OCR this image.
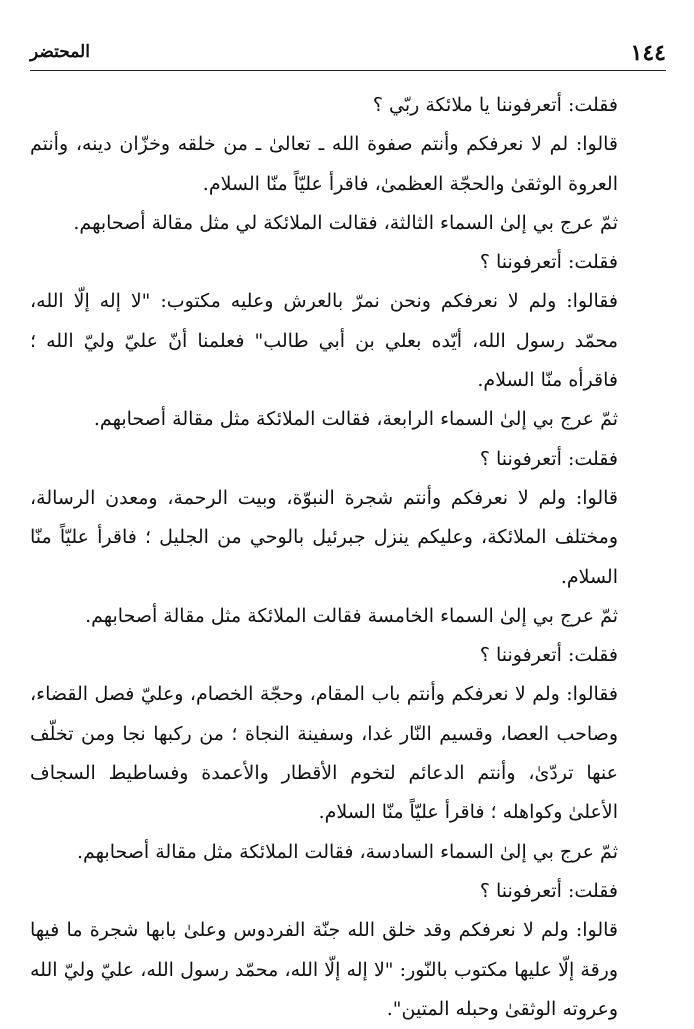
١٤٤
المحتضر

فقلت: أتعرفوننا يا ملائكة ربّي ؟

قالوا: لم لا نعرفكم وأنتم صفوة الله ـ تعالىٰ ـ من خلقه وخزّان دينه، وأنتم العروة الوثقىٰ والحجّة العظمىٰ، فاقرأ عليّاً منّا السلام.

ثمّ عرج بي إلىٰ السماء الثالثة، فقالت الملائكة لي مثل مقالة أصحابهم.

فقلت: أتعرفوننا ؟

فقالوا: ولم لا نعرفكم ونحن نمرّ بالعرش وعليه مكتوب: "لا إله إلّا الله، محمّد رسول الله، أيّده بعلي بن أبي طالب" فعلمنا أنّ عليّ وليّ الله ؛ فاقرأه منّا السلام.

ثمّ عرج بي إلىٰ السماء الرابعة، فقالت الملائكة مثل مقالة أصحابهم.

فقلت: أتعرفوننا ؟

قالوا: ولم لا نعرفكم وأنتم شجرة النبوّة، وبيت الرحمة، ومعدن الرسالة، ومختلف الملائكة، وعليكم ينزل جبرئيل بالوحي من الجليل ؛ فاقرأ عليّاً منّا السلام.

ثمّ عرج بي إلىٰ السماء الخامسة فقالت الملائكة مثل مقالة أصحابهم.

فقلت: أتعرفوننا ؟

فقالوا: ولم لا نعرفكم وأنتم باب المقام، وحجّة الخصام، وعليّ فصل القضاء، وصاحب العصا، وقسيم النّار غدا، وسفينة النجاة ؛ من ركبها نجا ومن تخلّف عنها تردّىٰ، وأنتم الدعائم لتخوم الأقطار والأعمدة وفساطيط السجاف الأعلىٰ وكواهله ؛ فاقرأ عليّاً منّا السلام.

ثمّ عرج بي إلىٰ السماء السادسة، فقالت الملائكة مثل مقالة أصحابهم.

فقلت: أتعرفوننا ؟

قالوا: ولم لا نعرفكم وقد خلق الله جنّة الفردوس وعلىٰ بابها شجرة ما فيها ورقة إلّا عليها مكتوب بالنّور: "لا إله إلّا الله، محمّد رسول الله، عليّ وليّ الله وعروته الوثقىٰ وحبله المتين".
